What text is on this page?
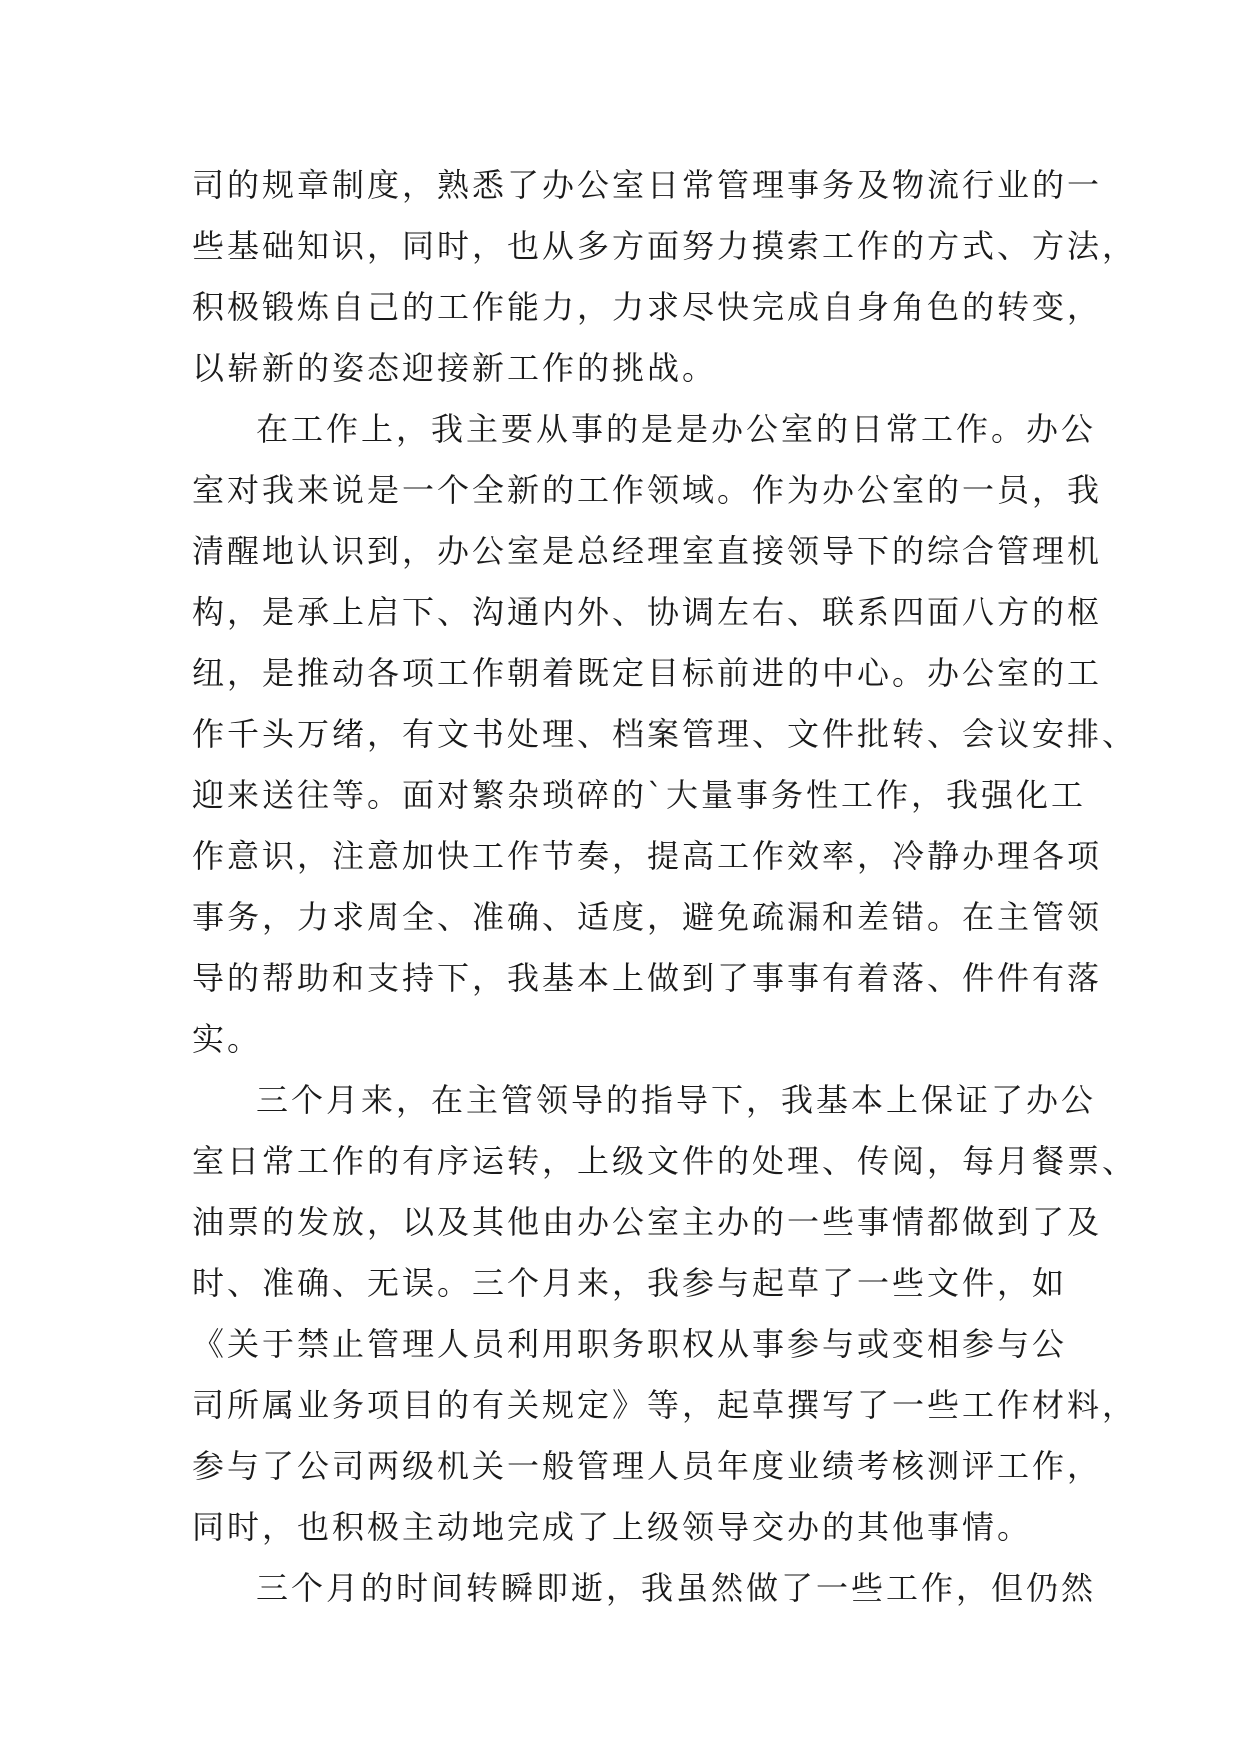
司的规章制度，熟悉了办公室日常管理事务及物流行业的一
些基础知识，同时，也从多方面努力摸索工作的方式、方法，
积极锻炼自己的工作能力，力求尽快完成自身角色的转变，
以崭新的姿态迎接新工作的挑战。
在工作上，我主要从事的是是办公室的日常工作。办公
室对我来说是一个全新的工作领域。作为办公室的一员，我
清醒地认识到，办公室是总经理室直接领导下的综合管理机
构，是承上启下、沟通内外、协调左右、联系四面八方的枢
纽，是推动各项工作朝着既定目标前进的中心。办公室的工
作千头万绪，有文书处理、档案管理、文件批转、会议安排、
迎来送往等。面对繁杂琐碎的`大量事务性工作，我强化工
作意识，注意加快工作节奏，提高工作效率，冷静办理各项
事务，力求周全、准确、适度，避免疏漏和差错。在主管领
导的帮助和支持下，我基本上做到了事事有着落、件件有落
实。
三个月来，在主管领导的指导下，我基本上保证了办公
室日常工作的有序运转，上级文件的处理、传阅，每月餐票、
油票的发放，以及其他由办公室主办的一些事情都做到了及
时、准确、无误。三个月来，我参与起草了一些文件，如
《关于禁止管理人员利用职务职权从事参与或变相参与公
司所属业务项目的有关规定》等，起草撰写了一些工作材料，
参与了公司两级机关一般管理人员年度业绩考核测评工作，
同时，也积极主动地完成了上级领导交办的其他事情。
三个月的时间转瞬即逝，我虽然做了一些工作，但仍然
